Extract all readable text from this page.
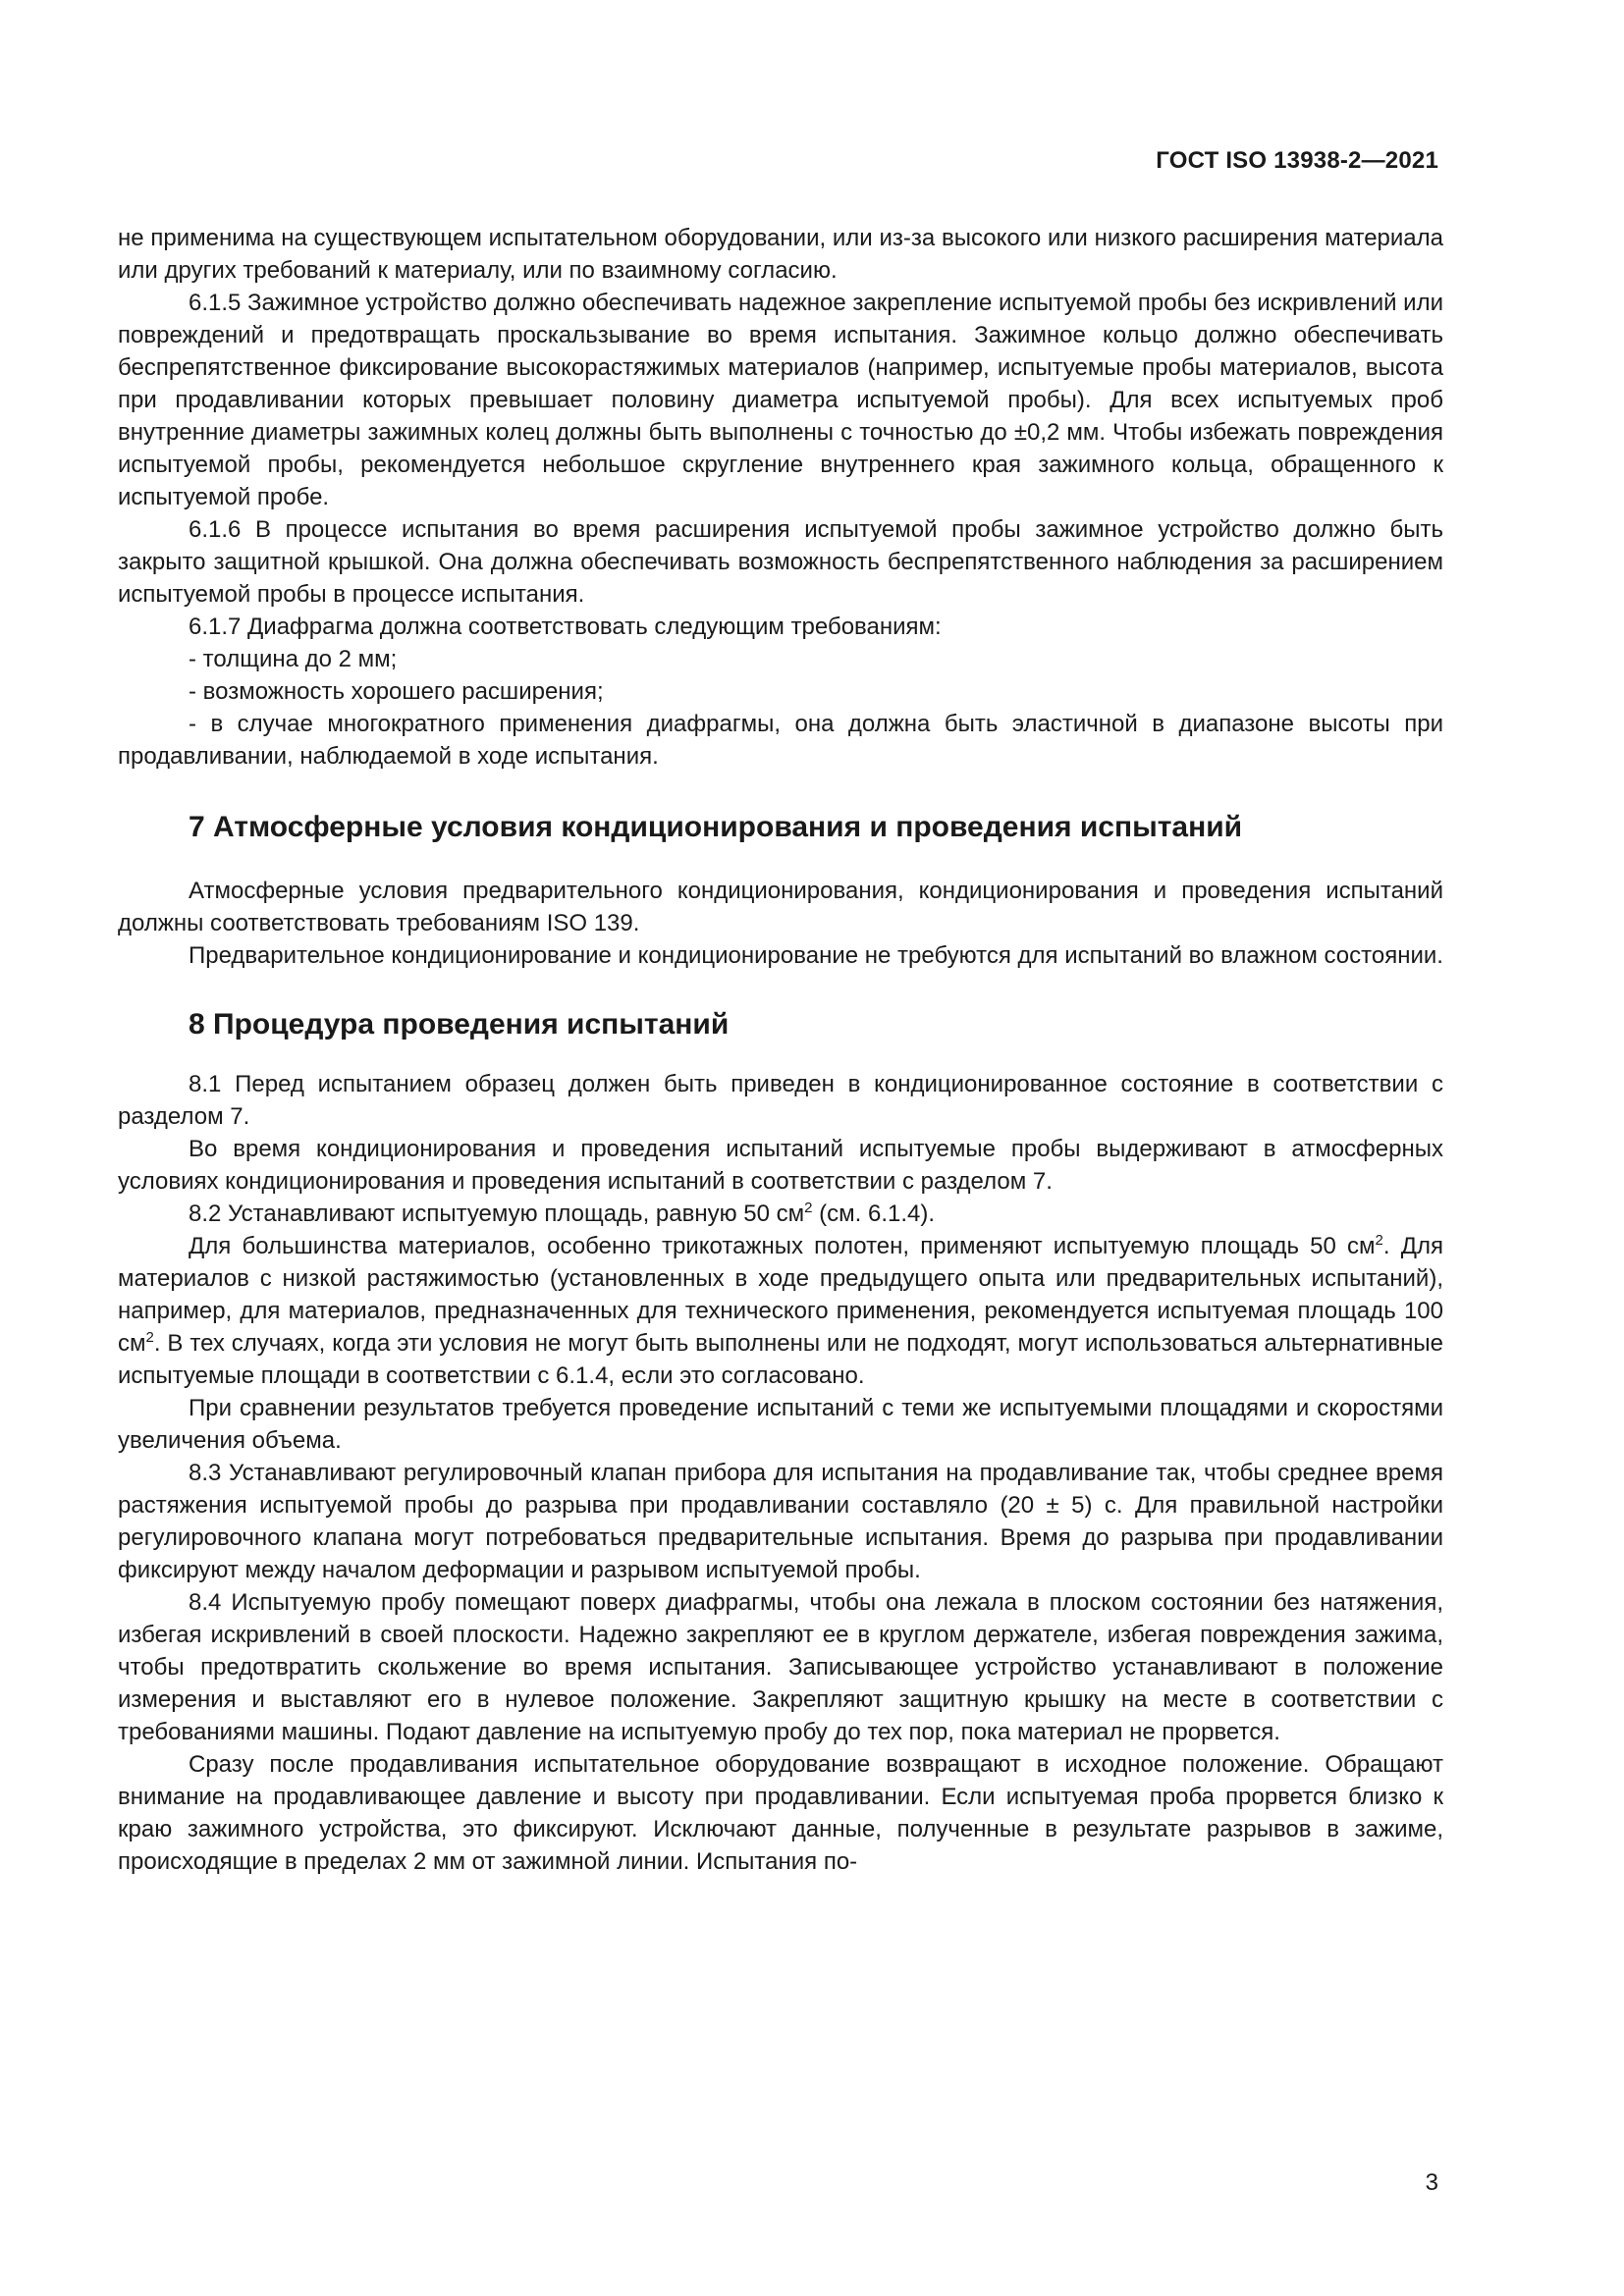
ГОСТ ISO 13938-2—2021

не применима на существующем испытательном оборудовании, или из-за высокого или низкого расширения материала или других требований к материалу, или по взаимному согласию.

6.1.5 Зажимное устройство должно обеспечивать надежное закрепление испытуемой пробы без искривлений или повреждений и предотвращать проскальзывание во время испытания. Зажимное кольцо должно обеспечивать беспрепятственное фиксирование высокорастяжимых материалов (например, испытуемые пробы материалов, высота при продавливании которых превышает половину диаметра испытуемой пробы). Для всех испытуемых проб внутренние диаметры зажимных колец должны быть выполнены с точностью до ±0,2 мм. Чтобы избежать повреждения испытуемой пробы, рекомендуется небольшое скругление внутреннего края зажимного кольца, обращенного к испытуемой пробе.

6.1.6 В процессе испытания во время расширения испытуемой пробы зажимное устройство должно быть закрыто защитной крышкой. Она должна обеспечивать возможность беспрепятственного наблюдения за расширением испытуемой пробы в процессе испытания.

6.1.7 Диафрагма должна соответствовать следующим требованиям:

- толщина до 2 мм;

- возможность хорошего расширения;

- в случае многократного применения диафрагмы, она должна быть эластичной в диапазоне высоты при продавливании, наблюдаемой в ходе испытания.

7 Атмосферные условия кондиционирования и проведения испытаний

Атмосферные условия предварительного кондиционирования, кондиционирования и проведения испытаний должны соответствовать требованиям ISO 139.

Предварительное кондиционирование и кондиционирование не требуются для испытаний во влажном состоянии.

8 Процедура проведения испытаний

8.1 Перед испытанием образец должен быть приведен в кондиционированное состояние в соответствии с разделом 7.

Во время кондиционирования и проведения испытаний испытуемые пробы выдерживают в атмосферных условиях кондиционирования и проведения испытаний в соответствии с разделом 7.

8.2 Устанавливают испытуемую площадь, равную 50 $см^2$ (см. 6.1.4).

Для большинства материалов, особенно трикотажных полотен, применяют испытуемую площадь 50 $см^2$. Для материалов с низкой растяжимостью (установленных в ходе предыдущего опыта или предварительных испытаний), например, для материалов, предназначенных для технического применения, рекомендуется испытуемая площадь 100 $см^2$. В тех случаях, когда эти условия не могут быть выполнены или не подходят, могут использоваться альтернативные испытуемые площади в соответствии с 6.1.4, если это согласовано.

При сравнении результатов требуется проведение испытаний с теми же испытуемыми площадями и скоростями увеличения объема.

8.3 Устанавливают регулировочный клапан прибора для испытания на продавливание так, чтобы среднее время растяжения испытуемой пробы до разрыва при продавливании составляло (20 ± 5) с. Для правильной настройки регулировочного клапана могут потребоваться предварительные испытания. Время до разрыва при продавливании фиксируют между началом деформации и разрывом испытуемой пробы.

8.4 Испытуемую пробу помещают поверх диафрагмы, чтобы она лежала в плоском состоянии без натяжения, избегая искривлений в своей плоскости. Надежно закрепляют ее в круглом держателе, избегая повреждения зажима, чтобы предотвратить скольжение во время испытания. Записывающее устройство устанавливают в положение измерения и выставляют его в нулевое положение. Закрепляют защитную крышку на месте в соответствии с требованиями машины. Подают давление на испытуемую пробу до тех пор, пока материал не прорвется.

Сразу после продавливания испытательное оборудование возвращают в исходное положение. Обращают внимание на продавливающее давление и высоту при продавливании. Если испытуемая проба прорвется близко к краю зажимного устройства, это фиксируют. Исключают данные, полученные в результате разрывов в зажиме, происходящие в пределах 2 мм от зажимной линии. Испытания по-

3
